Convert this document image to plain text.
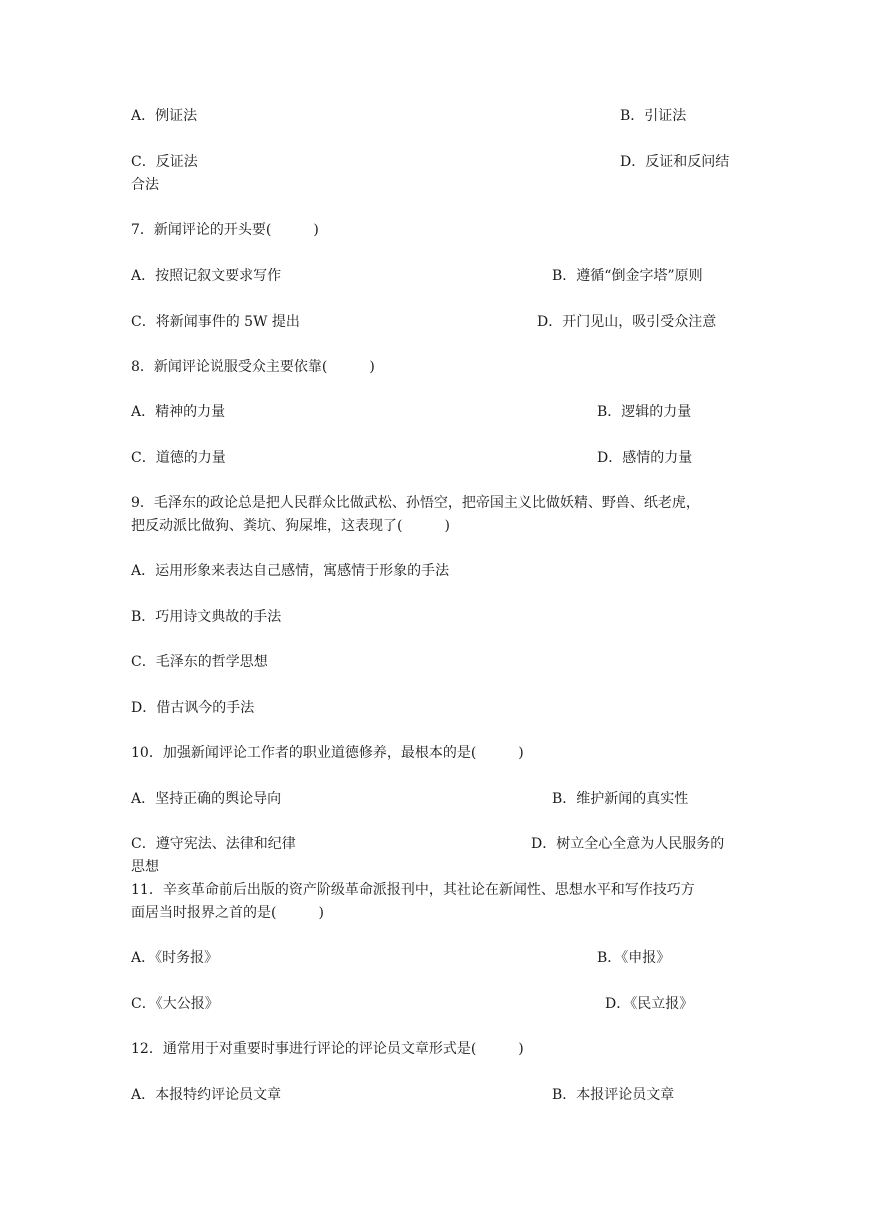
A．例证法	B．引证法
C．反证法	D．反证和反问结
合法
7．新闻评论的开头要(　　　)
A．按照记叙文要求写作	B．遵循“倒金字塔”原则
C．将新闻事件的 5W 提出	D．开门见山，吸引受众注意
8．新闻评论说服受众主要依靠(　　　)
A．精神的力量	B．逻辑的力量
C．道德的力量	D．感情的力量
9．毛泽东的政论总是把人民群众比做武松、孙悟空，把帝国主义比做妖精、野兽、纸老虎，
把反动派比做狗、粪坑、狗屎堆，这表现了(　　　)
A．运用形象来表达自己感情，寓感情于形象的手法
B．巧用诗文典故的手法
C．毛泽东的哲学思想
D．借古讽今的手法
10．加强新闻评论工作者的职业道德修养，最根本的是(　　　)
A．坚持正确的舆论导向	B．维护新闻的真实性
C．遵守宪法、法律和纪律	D．树立全心全意为人民服务的
思想
11．辛亥革命前后出版的资产阶级革命派报刊中，其社论在新闻性、思想水平和写作技巧方
面居当时报界之首的是(　　　)
A．《时务报》	B．《申报》
C．《大公报》	D．《民立报》
12．通常用于对重要时事进行评论的评论员文章形式是(　　　)
A．本报特约评论员文章	B．本报评论员文章
